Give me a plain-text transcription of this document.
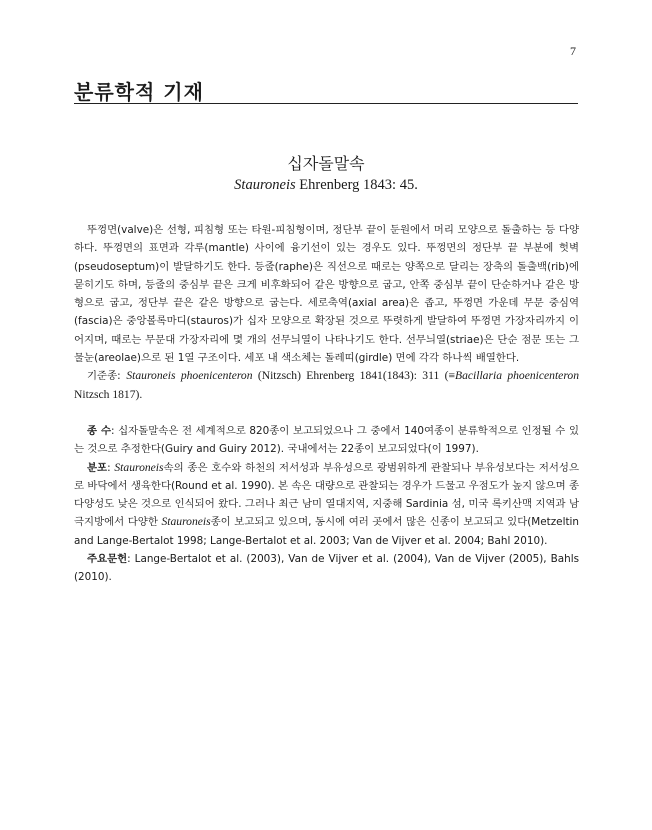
7
분류학적 기재
십자돌말속
Stauroneis Ehrenberg 1843: 45.

뚜껑면(valve)은 선형, 피침형 또는 타원-피침형이며, 정단부 끝이 둔원에서 머리 모양으로 돌출하는 등 다양하다. 뚜껑면의 표면과 각루(mantle) 사이에 융기선이 있는 경우도 있다. 뚜껑면의 정단부 끝 부분에 헛벽(pseudoseptum)이 발달하기도 한다. 등줄(raphe)은 직선으로 때로는 양쪽으로 달리는 장축의 돌출백(rib)에 묻히기도 하며, 등줄의 중심부 끝은 크게 비후화되어 같은 방향으로 굽고, 안쪽 중심부 끝이 단순하거나 같은 방형으로 굽고, 정단부 끝은 같은 방향으로 굽는다. 세로축역(axial area)은 좁고, 뚜껑면 가운데 무문 중심역(fascia)은 중앙볼록마디(stauros)가 십자 모양으로 확장된 것으로 뚜렷하게 발달하여 뚜껑면 가장자리까지 이어지며, 때로는 무문대 가장자리에 몇 개의 선무늬열이 나타나기도 한다. 선무늬열(striae)은 단순 점문 또는 그물눈(areolae)으로 된 1열 구조이다. 세포 내 색소체는 돌레띠(girdle) 면에 각각 하나씩 배열한다.

기준종: Stauroneis phoenicenteron (Nitzsch) Ehrenberg 1841(1843): 311 (≡Bacillaria phoenicenteron Nitzsch 1817).

종 수: 십자돌말속은 전 세계적으로 820종이 보고되었으나 그 중에서 140여종이 분류학적으로 인정될 수 있는 것으로 추정한다(Guiry and Guiry 2012). 국내에서는 22종이 보고되었다(이 1997).

분포: Stauroneis속의 종은 호수와 하천의 저서성과 부유성으로 광범위하게 관찰되나 부유성보다는 저서성으로 바닥에서 생육한다(Round et al. 1990). 본 속은 대량으로 관찰되는 경우가 드물고 우점도가 높지 않으며 종 다양성도 낮은 것으로 인식되어 왔다. 그러나 최근 남미 열대지역, 지중해 Sardinia 섬, 미국 록키산맥 지역과 남극지방에서 다양한 Stauroneis종이 보고되고 있으며, 동시에 여러 곳에서 많은 신종이 보고되고 있다(Metzeltin and Lange-Bertalot 1998; Lange-Bertalot et al. 2003; Van de Vijver et al. 2004; Bahl 2010).

주요문헌: Lange-Bertalot et al. (2003), Van de Vijver et al. (2004), Van de Vijver (2005), Bahls (2010).
